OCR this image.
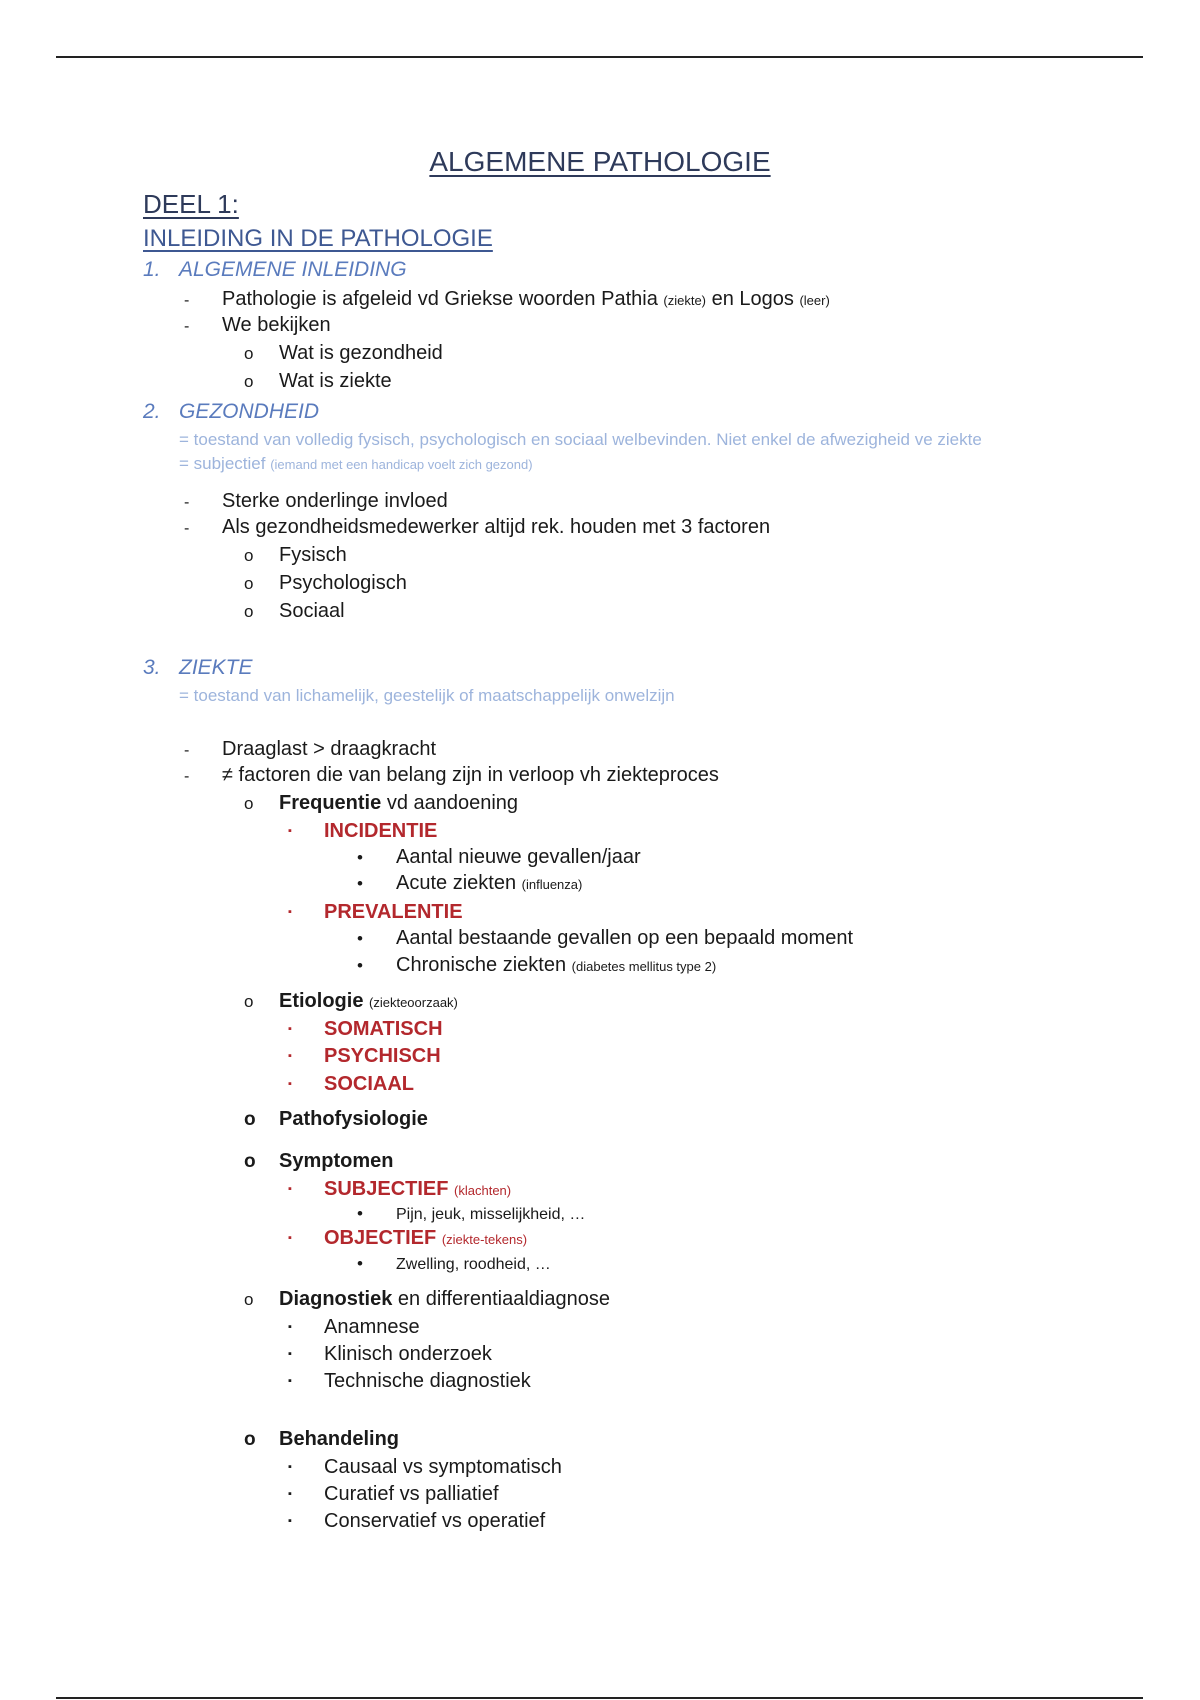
ALGEMENE PATHOLOGIE
DEEL 1:
INLEIDING IN DE PATHOLOGIE
1. ALGEMENE INLEIDING
- Pathologie is afgeleid vd Griekse woorden Pathia (ziekte) en Logos (leer)
- We bekijken
o Wat is gezondheid
o Wat is ziekte
2. GEZONDHEID
= toestand van volledig fysisch, psychologisch en sociaal welbevinden. Niet enkel de afwezigheid ve ziekte
= subjectief (iemand met een handicap voelt zich gezond)
- Sterke onderlinge invloed
- Als gezondheidsmedewerker altijd rek. houden met 3 factoren
o Fysisch
o Psychologisch
o Sociaal
3. ZIEKTE
= toestand van lichamelijk, geestelijk of maatschappelijk onwelzijn
- Draaglast > draagkracht
- ≠ factoren die van belang zijn in verloop vh ziekteproces
o Frequentie vd aandoening
▪ INCIDENTIE
• Aantal nieuwe gevallen/jaar
• Acute ziekten (influenza)
▪ PREVALENTIE
• Aantal bestaande gevallen op een bepaald moment
• Chronische ziekten (diabetes mellitus type 2)
o Etiologie (ziekteoorzaak)
▪ SOMATISCH
▪ PSYCHISCH
▪ SOCIAAL
o Pathofysiologie
o Symptomen
▪ SUBJECTIEF (klachten)
• Pijn, jeuk, misselijkheid, …
▪ OBJECTIEF (ziekte-tekens)
• Zwelling, roodheid, …
o Diagnostiek en differentiaaldiagnose
▪ Anamnese
▪ Klinisch onderzoek
▪ Technische diagnostiek
o Behandeling
▪ Causaal vs symptomatisch
▪ Curatief vs palliatief
▪ Conservatief vs operatief
